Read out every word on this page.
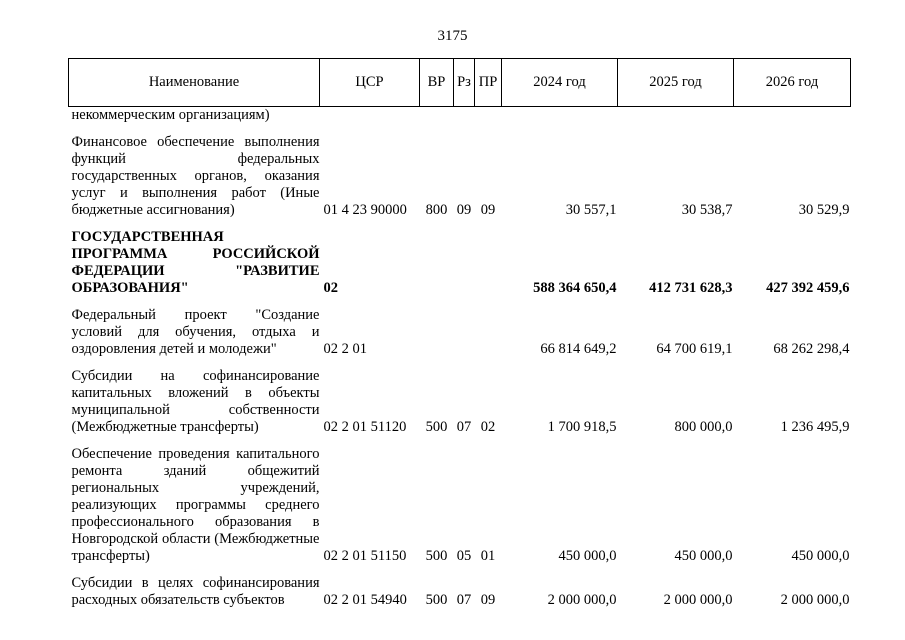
3175
Наименование	ЦСР	ВР	Рз	ПР	2024 год	2025 год	2026 год
некоммерческим организациям)							
Финансовое обеспечение выполнения функций федеральных государственных органов, оказания услуг и выполнения работ (Иные бюджетные ассигнования)	01 4 23 90000	800	09	09	30 557,1	30 538,7	30 529,9
ГОСУДАРСТВЕННАЯ ПРОГРАММА РОССИЙСКОЙ ФЕДЕРАЦИИ "РАЗВИТИЕ ОБРАЗОВАНИЯ"	02				588 364 650,4	412 731 628,3	427 392 459,6
Федеральный проект "Создание условий для обучения, отдыха и оздоровления детей и молодежи"	02 2 01				66 814 649,2	64 700 619,1	68 262 298,4
Субсидии на софинансирование капитальных вложений в объекты муниципальной собственности (Межбюджетные трансферты)	02 2 01 51120	500	07	02	1 700 918,5	800 000,0	1 236 495,9
Обеспечение проведения капитального ремонта зданий общежитий региональных учреждений, реализующих программы среднего профессионального образования в Новгородской области (Межбюджетные трансферты)	02 2 01 51150	500	05	01	450 000,0	450 000,0	450 000,0
Субсидии в целях софинансирования расходных обязательств субъектов	02 2 01 54940	500	07	09	2 000 000,0	2 000 000,0	2 000 000,0
